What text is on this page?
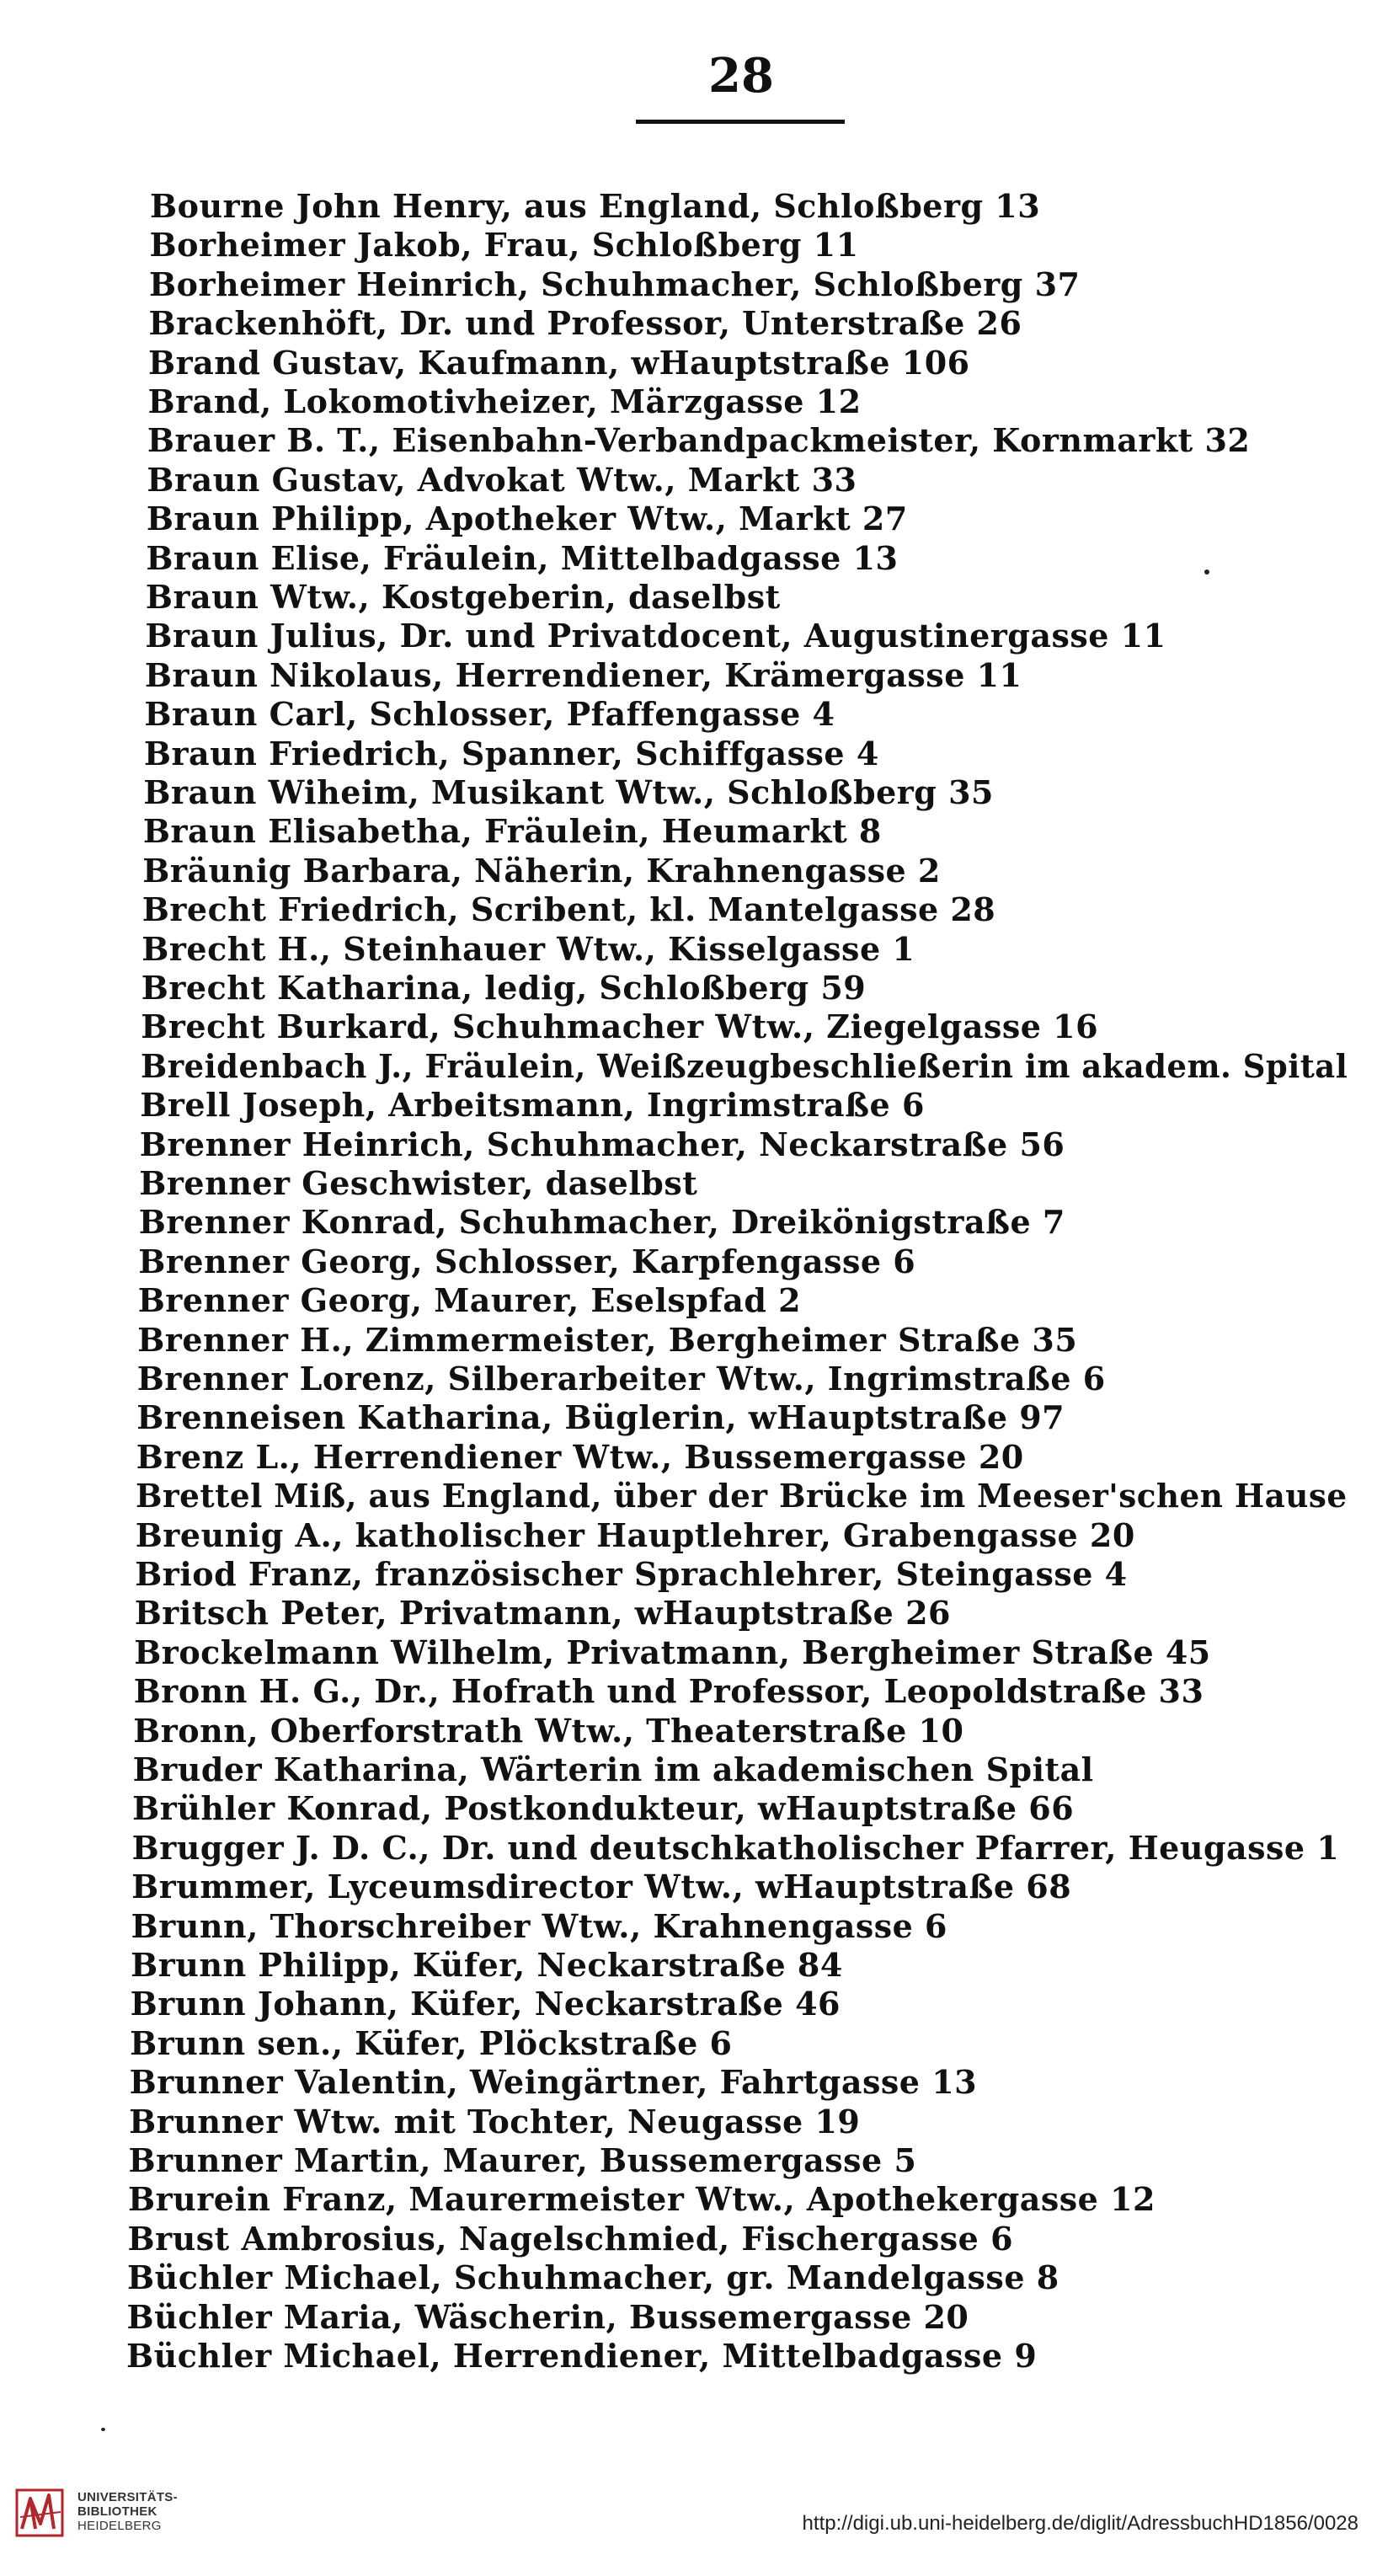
28
Bourne John Henry, aus England, Schloßberg 13
Borheimer Jakob, Frau, Schloßberg 11
Borheimer Heinrich, Schuhmacher, Schloßberg 37
Brackenhöft, Dr. und Professor, Unterstraße 26
Brand Gustav, Kaufmann, wHauptstraße 106
Brand, Lokomotivheizer, Märzgasse 12
Brauer B. T., Eisenbahn-Verbandpackmeister, Kornmarkt 32
Braun Gustav, Advokat Wtw., Markt 33
Braun Philipp, Apotheker Wtw., Markt 27
Braun Elise, Fräulein, Mittelbadgasse 13
Braun Wtw., Kostgeberin, daselbst
Braun Julius, Dr. und Privatdocent, Augustinergasse 11
Braun Nikolaus, Herrendiener, Krämergasse 11
Braun Carl, Schlosser, Pfaffengasse 4
Braun Friedrich, Spanner, Schiffgasse 4
Braun Wiheim, Musikant Wtw., Schloßberg 35
Braun Elisabetha, Fräulein, Heumarkt 8
Bräunig Barbara, Näherin, Krahnengasse 2
Brecht Friedrich, Scribent, kl. Mantelgasse 28
Brecht H., Steinhauer Wtw., Kisselgasse 1
Brecht Katharina, ledig, Schloßberg 59
Brecht Burkard, Schuhmacher Wtw., Ziegelgasse 16
Breidenbach J., Fräulein, Weißzeugbeschließerin im akadem. Spital
Brell Joseph, Arbeitsmann, Ingrimstraße 6
Brenner Heinrich, Schuhmacher, Neckarstraße 56
Brenner Geschwister, daselbst
Brenner Konrad, Schuhmacher, Dreikönigstraße 7
Brenner Georg, Schlosser, Karpfengasse 6
Brenner Georg, Maurer, Eselspfad 2
Brenner H., Zimmermeister, Bergheimer Straße 35
Brenner Lorenz, Silberarbeiter Wtw., Ingrimstraße 6
Brenneisen Katharina, Büglerin, wHauptstraße 97
Brenz L., Herrendiener Wtw., Bussemergasse 20
Brettel Miß, aus England, über der Brücke im Meeser'schen Hause
Breunig A., katholischer Hauptlehrer, Grabengasse 20
Briod Franz, französischer Sprachlehrer, Steingasse 4
Britsch Peter, Privatmann, wHauptstraße 26
Brockelmann Wilhelm, Privatmann, Bergheimer Straße 45
Bronn H. G., Dr., Hofrath und Professor, Leopoldstraße 33
Bronn, Oberforstrath Wtw., Theaterstraße 10
Bruder Katharina, Wärterin im akademischen Spital
Brühler Konrad, Postkondukteur, wHauptstraße 66
Brugger J. D. C., Dr. und deutschkatholischer Pfarrer, Heugasse 1
Brummer, Lyceumsdirector Wtw., wHauptstraße 68
Brunn, Thorschreiber Wtw., Krahnengasse 6
Brunn Philipp, Küfer, Neckarstraße 84
Brunn Johann, Küfer, Neckarstraße 46
Brunn sen., Küfer, Plöckstraße 6
Brunner Valentin, Weingärtner, Fahrtgasse 13
Brunner Wtw. mit Tochter, Neugasse 19
Brunner Martin, Maurer, Bussemergasse 5
Brurein Franz, Maurermeister Wtw., Apothekergasse 12
Brust Ambrosius, Nagelschmied, Fischergasse 6
Büchler Michael, Schuhmacher, gr. Mandelgasse 8
Büchler Maria, Wäscherin, Bussemergasse 20
Büchler Michael, Herrendiener, Mittelbadgasse 9
UNIVERSITÄTS-
BIBLIOTHEK
HEIDELBERG	http://digi.ub.uni-heidelberg.de/diglit/AdressbuchHD1856/0028
